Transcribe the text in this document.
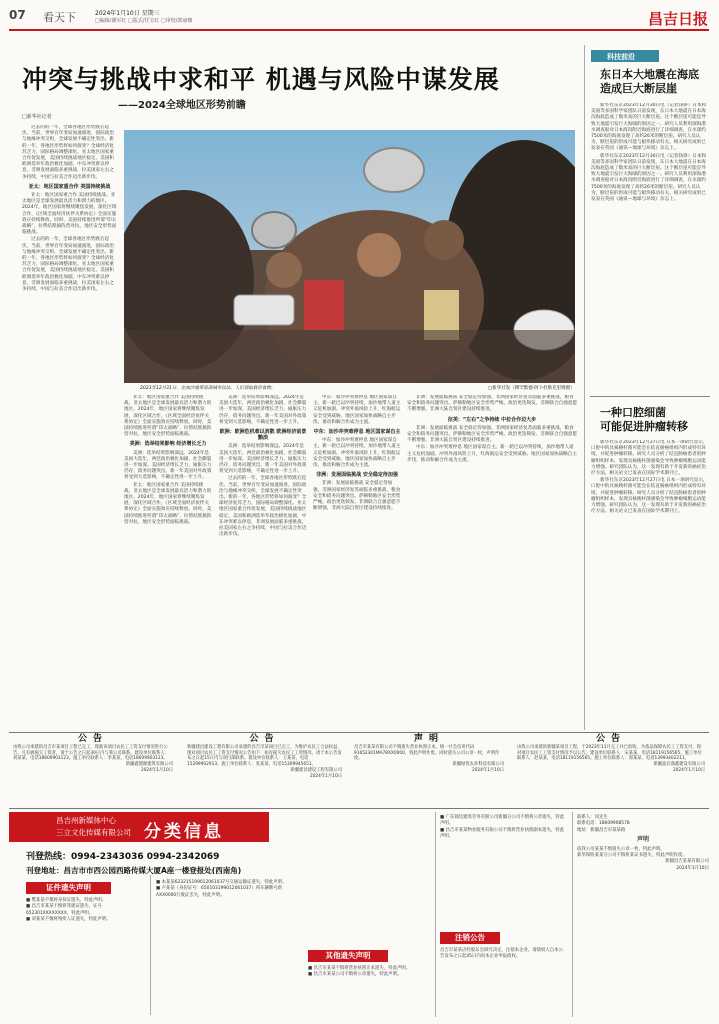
07 看天下	2024年1月10日 星期三
□编辑/谢军红 □版式/任宝红 □审校/郭丽娜	昌吉日报
冲突与挑战中求和平 机遇与风险中谋发展
——2024全球地区形势前瞻
□新华社记者

过去的的一年，全球各地区形势跌宕起伏。当前，世界百年变局加速演进，国际政治与地缘冲突交织，全球发展不确定性突出。新的一年，各地区形势将如何演变？全球经济复苏乏力，国际格局调整深化。亚太地区国家重合作促发展，美国持续挑战地区稳定。美国和欧洲选举年政治极化加剧，中东冲突难以停息，非洲发展面临多重挑战，拉美国家左右之争持续，中国与拉美合作迈出新步伐。

亚太：地区国家重合作 美国持续挑战

亚太：地区国家重合作 美国持续挑战。亚太地区是全球发展最具活力和潜力的地区。2024年，地区国家将继续聚焦发展，深化区域合作，《区域全面经济伙伴关系协定》全面实施效应持续释放。同时，美国持续推进所谓“印太战略”，拉帮结派搞阵营对抗，地区安全形势面临挑战。

过去的的一年，全球各地区形势跌宕起伏。当前，世界百年变局加速演进，国际政治与地缘冲突交织，全球发展不确定性突出。新的一年，各地区形势将如何演变？全球经济复苏乏力，国际格局调整深化。亚太地区国家重合作促发展，美国持续挑战地区稳定。美国和欧洲选举年政治极化加剧，中东冲突难以停息，非洲发展面临多重挑战，拉美国家左右之争持续，中国与拉美合作迈出新步伐。

2023年12月31日，在加沙地带南部城市拉法，人们领取救济食物。	□新华社发（穆罕默德·阿卜杜勒克里姆摄）

亚太：地区国家重合作 美国持续挑战。亚太地区是全球发展最具活力和潜力的地区。2024年，地区国家将继续聚焦发展，深化区域合作，《区域全面经济伙伴关系协定》全面实施效应持续释放。同时，美国持续推进所谓“印太战略”，拉帮结派搞阵营对抗，地区安全形势面临挑战。

美洲：选举结果影响 经济增长乏力

美洲：选举结果影响深远。2024年是美国大选年，两党政治极化加剧，社会撕裂进一步加深。美国经济增长乏力，通胀压力仍存，债务问题突出。新一年美国对外政策将受到大选影响，不确定性进一步上升。

亚太：地区国家重合作 美国持续挑战。亚太地区是全球发展最具活力和潜力的地区。2024年，地区国家将继续聚焦发展，深化区域合作，《区域全面经济伙伴关系协定》全面实施效应持续释放。同时，美国持续推进所谓“印太战略”，拉帮结派搞阵营对抗，地区安全形势面临挑战。

美洲：选举结果影响深远。2024年是美国大选年，两党政治极化加剧，社会撕裂进一步加深。美国经济增长乏力，通胀压力仍存，债务问题突出。新一年美国对外政策将受到大选影响，不确定性进一步上升。

欧洲：欧洲危机难以消散 欧洲经济前景黯淡

美洲：选举结果影响深远。2024年是美国大选年，两党政治极化加剧，社会撕裂进一步加深。美国经济增长乏力，通胀压力仍存，债务问题突出。新一年美国对外政策将受到大选影响，不确定性进一步上升。

过去的的一年，全球各地区形势跌宕起伏。当前，世界百年变局加速演进，国际政治与地缘冲突交织，全球发展不确定性突出。新的一年，各地区形势将如何演变？全球经济复苏乏力，国际格局调整深化。亚太地区国家重合作促发展，美国持续挑战地区稳定。美国和欧洲选举年政治极化加剧，中东冲突难以停息，非洲发展面临多重挑战，拉美国家左右之争持续，中国与拉美合作迈出新步伐。

中东：加沙冲突难停息 地区国家谋自主。新一轮巴以冲突持续，加沙地带人道主义危机加剧。冲突外溢风险上升，红海航运安全受到威胁。地区国家加快战略自主步伐，推动和解合作成为主流。

中东：加沙冲突难停息 地区国家谋自主

中东：加沙冲突难停息 地区国家谋自主。新一轮巴以冲突持续，加沙地带人道主义危机加剧。冲突外溢风险上升，红海航运安全受到威胁。地区国家加快战略自主步伐，推动和解合作成为主流。

非洲：发展面临挑战 安全稳定待加强

非洲：发展面临挑战 安全稳定待加强。非洲国家经济复苏面临多重挑战，粮食安全和债务问题突出。萨赫勒地区安全形势严峻，政治更迭频发。非洲联合自强意愿不断增强，非洲大陆自贸区建设持续推进。

非洲：发展面临挑战 安全稳定待加强。非洲国家经济复苏面临多重挑战，粮食安全和债务问题突出。萨赫勒地区安全形势严峻，政治更迭频发。非洲联合自强意愿不断增强，非洲大陆自贸区建设持续推进。

拉美：“左右”之争持续 中拉合作迈大步

非洲：发展面临挑战 安全稳定待加强。非洲国家经济复苏面临多重挑战，粮食安全和债务问题突出。萨赫勒地区安全形势严峻，政治更迭频发。非洲联合自强意愿不断增强，非洲大陆自贸区建设持续推进。

中东：加沙冲突难停息 地区国家谋自主。新一轮巴以冲突持续，加沙地带人道主义危机加剧。冲突外溢风险上升，红海航运安全受到威胁。地区国家加快战略自主步伐，推动和解合作成为主流。

科技前沿
东日本大地震在海底
造成巨大断层崖

新华社东京2023年12月30日电（记者钱铮）日本和美国等多国科学家团队日前发现，东日本大地震在日本海沟海底造成了数米高的巨大断层崖。这个断层崖可能是导致大地震引发巨大海啸的原因之一。研究人员利用深海潜水调查船对日本海沟附近海底进行了详细调查，在水深约7500米的海底发现了高约26米的断层崖。研究人员认为，断层崖的形成可能与板块移动有关。相关研究成果已发表在英国《通讯—地球与环境》杂志上。

新华社东京2023年12月30日电（记者钱铮）日本和美国等多国科学家团队日前发现，东日本大地震在日本海沟海底造成了数米高的巨大断层崖。这个断层崖可能是导致大地震引发巨大海啸的原因之一。研究人员利用深海潜水调查船对日本海沟附近海底进行了详细调查，在水深约7500米的海底发现了高约26米的断层崖。研究人员认为，断层崖的形成可能与板块移动有关。相关研究成果已发表在英国《通讯—地球与环境》杂志上。

一种口腔细菌
可能促进肿瘤转移

新华社东京2023年12月27日电 日本一项研究显示，口腔中的具核梭杆菌可能会在结直肠癌组织内形成特有环境，并促进肿瘤转移。研究人员分析了结直肠癌患者的肿瘤组织样本，发现具核梭杆菌感染会导致肿瘤细胞运动能力增强。研究团队认为，这一发现有助于开发新的癌症治疗方法。相关论文已发表在国际学术期刊上。

新华社东京2023年12月27日电 日本一项研究显示，口腔中的具核梭杆菌可能会在结直肠癌组织内形成特有环境，并促进肿瘤转移。研究人员分析了结直肠癌患者的肿瘤组织样本，发现具核梭杆菌感染会导致肿瘤细胞运动能力增强。研究团队认为，这一发现有助于开发新的癌症治疗方法。相关论文已发表在国际学术期刊上。

公告
由我公司承建的昌吉市某项目工程已完工，现就该项目农民工工资支付情况进行公告。凡有被拖欠工资者，请于公告之日起30日内与我公司联系。建设单位联系人：刘某某，电话18609903123。施工单位联系人：李某某，电话18609903123。
新疆鑫德源建筑有限公司
2024年1月10日
公告
新疆建昌建设工程有限公司承建的昌吉市某项目已完工，为维护农民工合法权益，现对项目农民工工资支付情况公告如下：如有拖欠农民工工资情况，请于本公告发布之日起15日内与项目部联系。建设单位联系人：王某某，电话15299902913。施工单位联系人：张某某，电话15309945651。
新疆建昌建设工程有限公司
2024年1月10日
声明
昌吉市某某有限公司不慎遗失营业执照正本，统一社会信用代码91652301MA78XX0000，特此声明作废。同时遗失公司公章一枚，声明作废。
新疆绿优农业科技有限公司
2024年1月10日
公告
由我公司承建的新疆某项目工程，于2023年11月完工并已验收，为依法保障农民工工资支付，现对项目农民工工资支付情况予以公告。建设单位联系人：宋某某，电话18119156565。施工单位联系人：赵某某，电话18119156565。施工单位联系人：郑某某，电话13993402211。
新疆盈启鼎鑫建设有限公司
2024年1月10日
昌吉州新媒体中心
三立文化传媒有限公司 分类信息
刊登热线：0994-2343036 0994-2342069
刊登地址：昌吉市市西公园西路传媒大厦A座一楼登报处(西南角)
证件遗失声明
■ 樊某某不慎将身份证遗失，特此声明。
■ 昌吉市某某不慎将驾驶证遗失，证号652301XXXXXXXX，特此声明。
■ 刘某某不慎将残疾人证遗失，特此声明。
■ 本某某623215199012061037号交通运输证遗失，特此声明。
■ 卢某某（身份证号：650103199012061037）将车辆牌号新AXX0000行驶证丢失，特此声明。
其他遗失声明
■ 昌吉市某某不慎将营业执照正本遗失，特此声明。
■ 昌吉市某某公司不慎将公章遗失，特此声明。
■ 广东锦达建筑劳务有限公司新疆分公司不慎将公章遗失，特此声明。
■ 昌吉市某某物业服务有限公司不慎将营业执照副本遗失，特此声明。
注销公告
昌吉市某某店经股东会研究决定，注销本企业，请债权人自本公告发布之日起45日内向本企业申报债权。
联系人：闵先生
联系电话：18609908578
地址：新疆昌吉市某某路
声明
依我公司某某不慎遗失公章一枚，特此声明。
新华保险某某分公司不慎将某证书遗失，特此声明作废。
新疆昌吉某某有限公司
2024年1月10日
